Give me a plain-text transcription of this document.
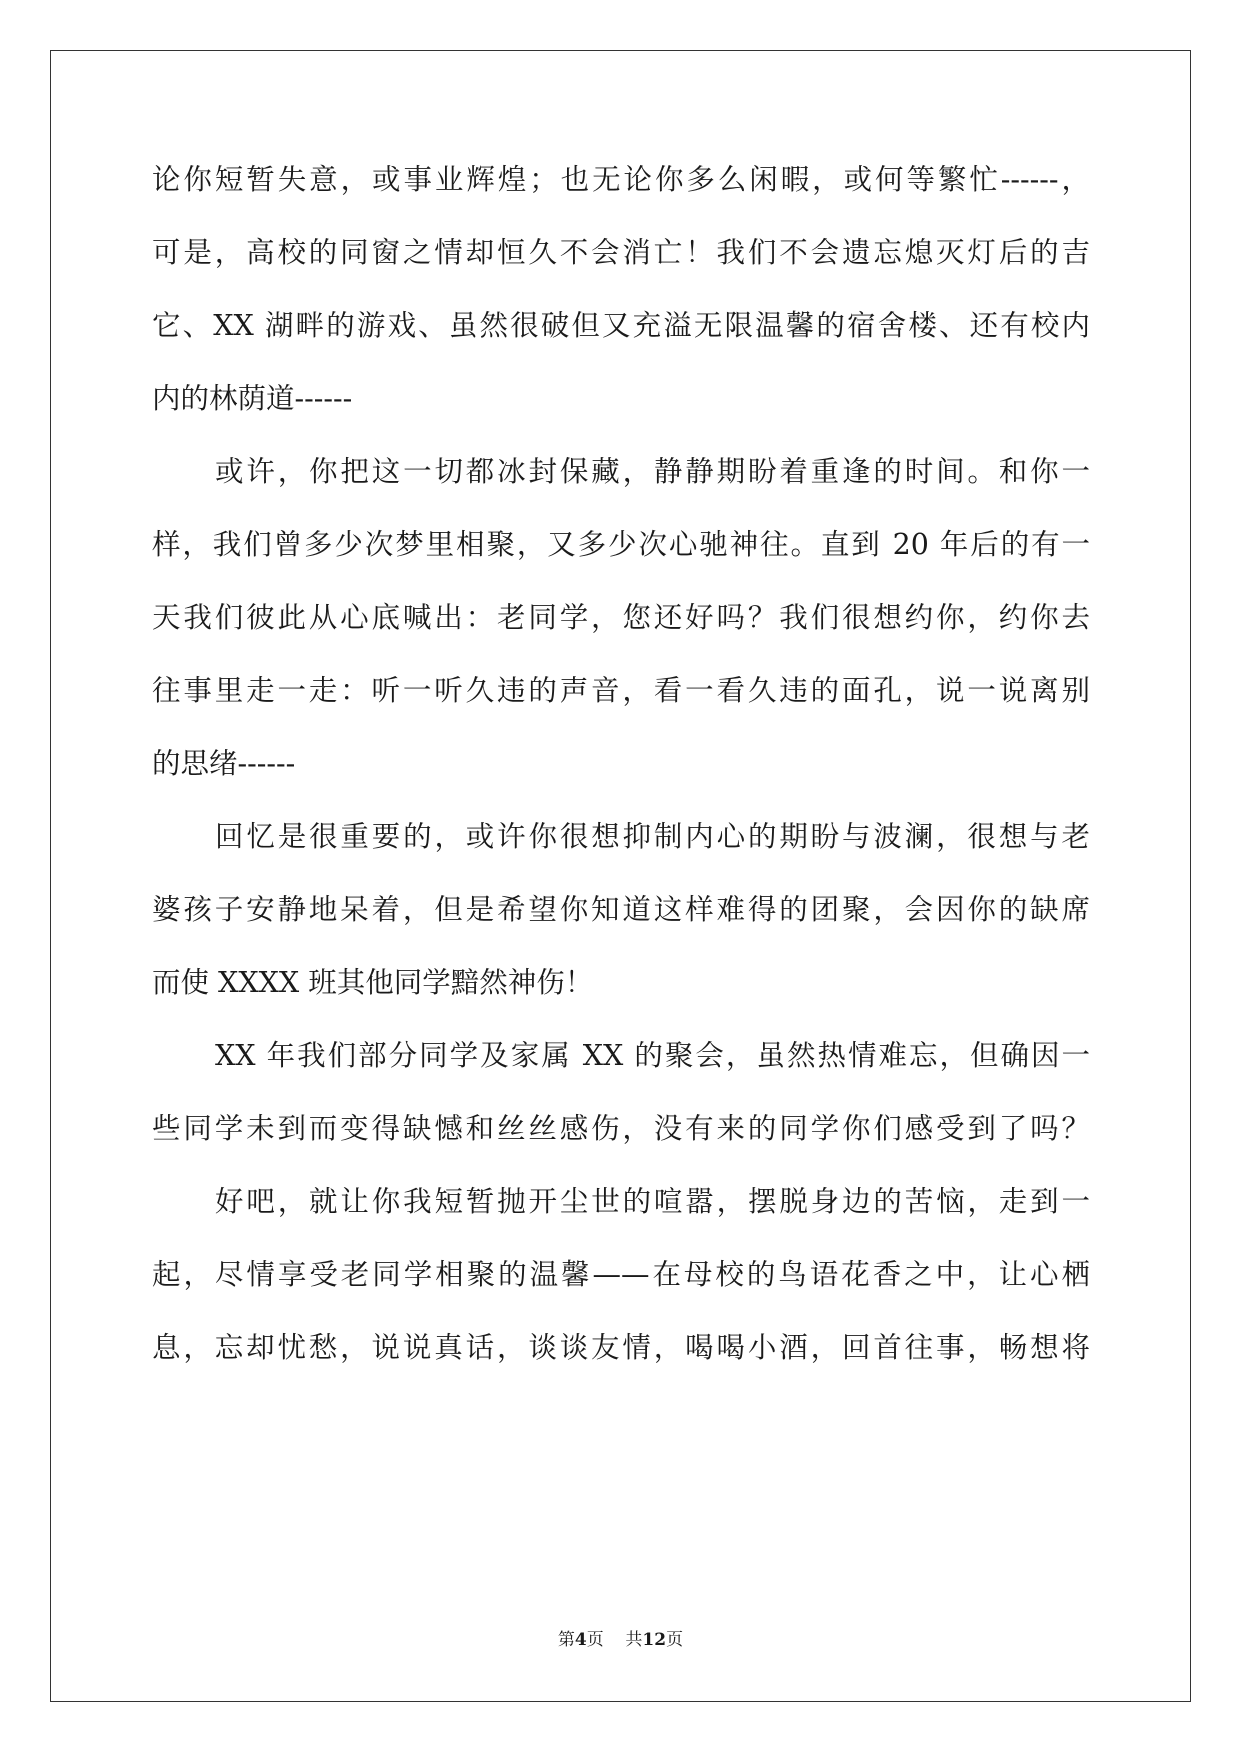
论你短暂失意，或事业辉煌；也无论你多么闲暇，或何等繁忙------，
可是，高校的同窗之情却恒久不会消亡！我们不会遗忘熄灭灯后的吉
它、XX 湖畔的游戏、虽然很破但又充溢无限温馨的宿舍楼、还有校内
内的林荫道------
或许，你把这一切都冰封保藏，静静期盼着重逢的时间。和你一
样，我们曾多少次梦里相聚，又多少次心驰神往。直到 20 年后的有一
天我们彼此从心底喊出：老同学，您还好吗？我们很想约你，约你去
往事里走一走：听一听久违的声音，看一看久违的面孔，说一说离别
的思绪------
回忆是很重要的，或许你很想抑制内心的期盼与波澜，很想与老
婆孩子安静地呆着，但是希望你知道这样难得的团聚，会因你的缺席
而使 XXXX 班其他同学黯然神伤！
XX 年我们部分同学及家属 XX 的聚会，虽然热情难忘，但确因一
些同学未到而变得缺憾和丝丝感伤，没有来的同学你们感受到了吗？
好吧，就让你我短暂抛开尘世的喧嚣，摆脱身边的苦恼，走到一
起，尽情享受老同学相聚的温馨——在母校的鸟语花香之中，让心栖
息，忘却忧愁，说说真话，谈谈友情，喝喝小酒，回首往事，畅想将
第4页 共12页
